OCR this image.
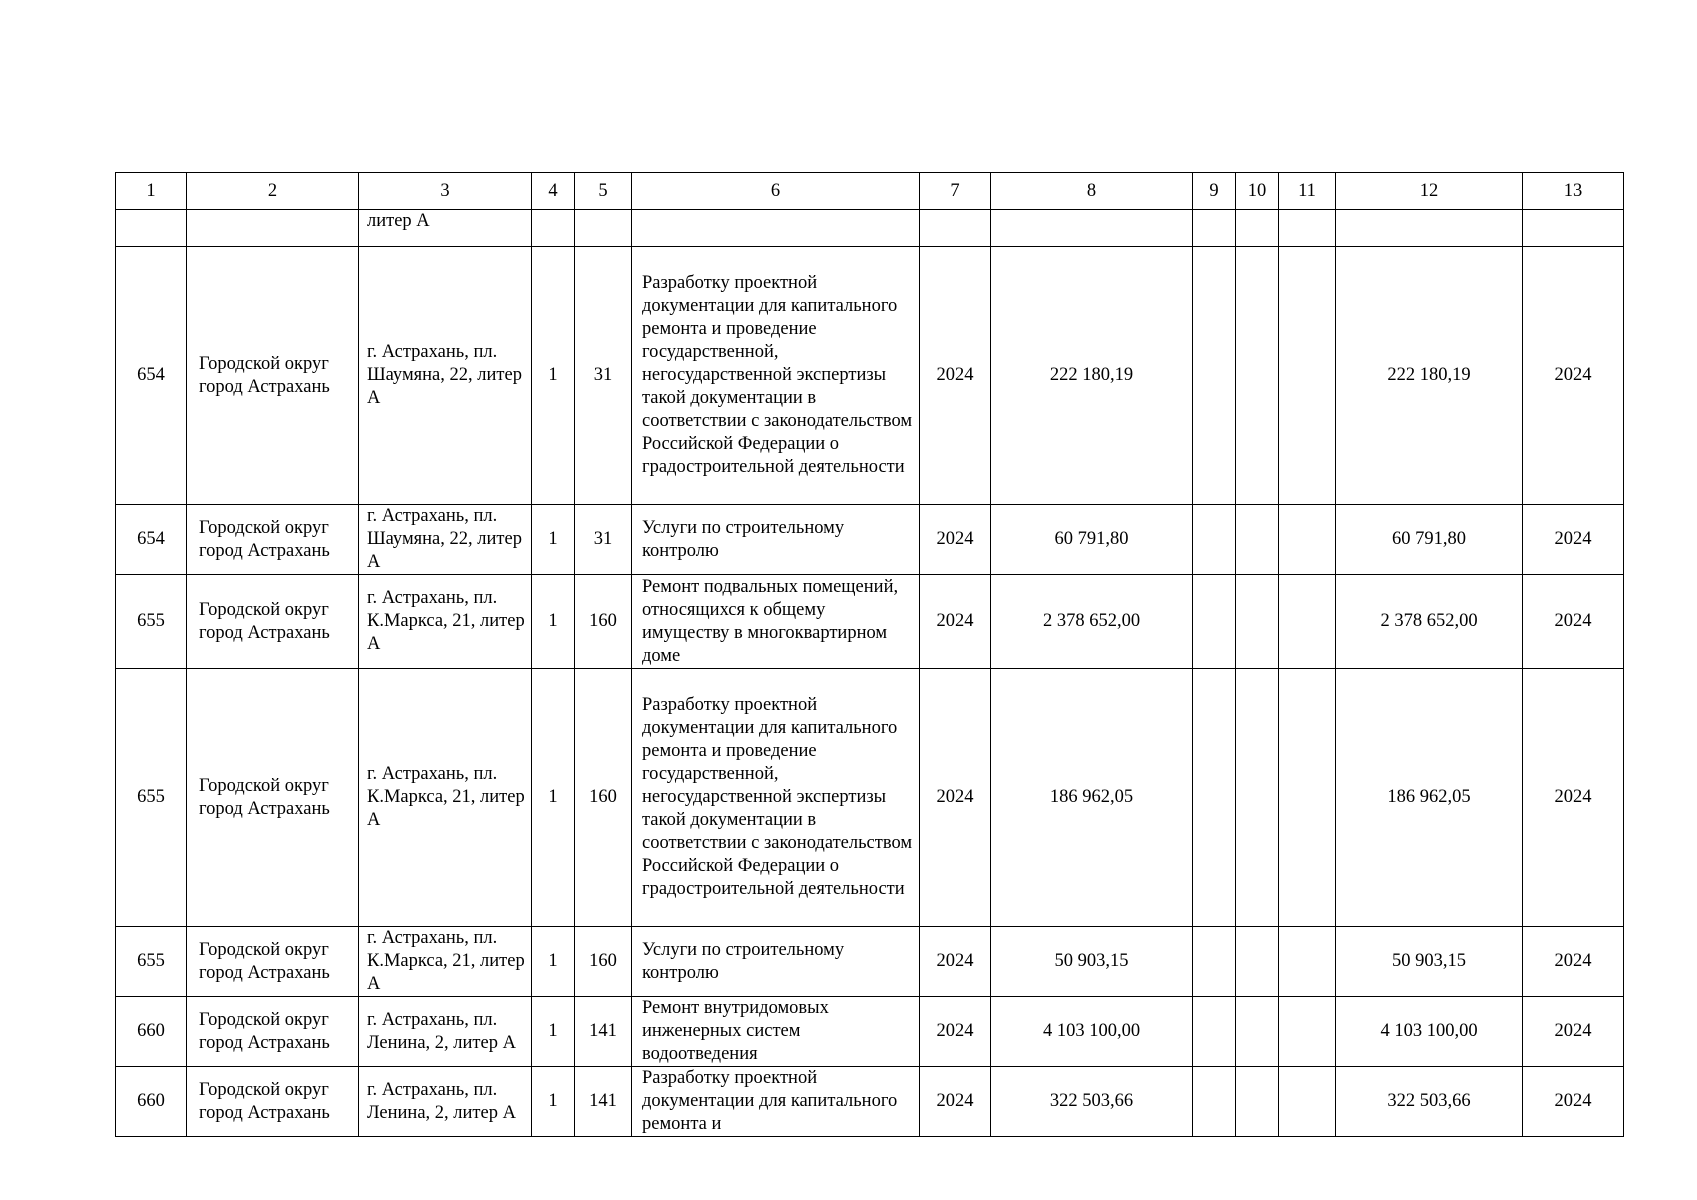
1	2	3	4	5	6	7	8	9	10	11	12	13
		литер А										
654	Городской округ город Астрахань	г. Астрахань, пл. Шаумяна, 22, литер А	1	31	Разработку проектной документации для капитального ремонта и проведение государственной, негосударственной экспертизы такой документации в соответствии с законодательством Российской Федерации о градостроительной деятельности	2024	222 180,19				222 180,19	2024
654	Городской округ город Астрахань	г. Астрахань, пл. Шаумяна, 22, литер А	1	31	Услуги по строительному контролю	2024	60 791,80				60 791,80	2024
655	Городской округ город Астрахань	г. Астрахань, пл. К.Маркса, 21, литер А	1	160	Ремонт подвальных помещений, относящихся к общему имуществу в многоквартирном доме	2024	2 378 652,00				2 378 652,00	2024
655	Городской округ город Астрахань	г. Астрахань, пл. К.Маркса, 21, литер А	1	160	Разработку проектной документации для капитального ремонта и проведение государственной, негосударственной экспертизы такой документации в соответствии с законодательством Российской Федерации о градостроительной деятельности	2024	186 962,05				186 962,05	2024
655	Городской округ город Астрахань	г. Астрахань, пл. К.Маркса, 21, литер А	1	160	Услуги по строительному контролю	2024	50 903,15				50 903,15	2024
660	Городской округ город Астрахань	г. Астрахань, пл. Ленина, 2, литер А	1	141	Ремонт внутридомовых инженерных систем водоотведения	2024	4 103 100,00				4 103 100,00	2024
660	Городской округ город Астрахань	г. Астрахань, пл. Ленина, 2, литер А	1	141	Разработку проектной документации для капитального ремонта и	2024	322 503,66				322 503,66	2024
